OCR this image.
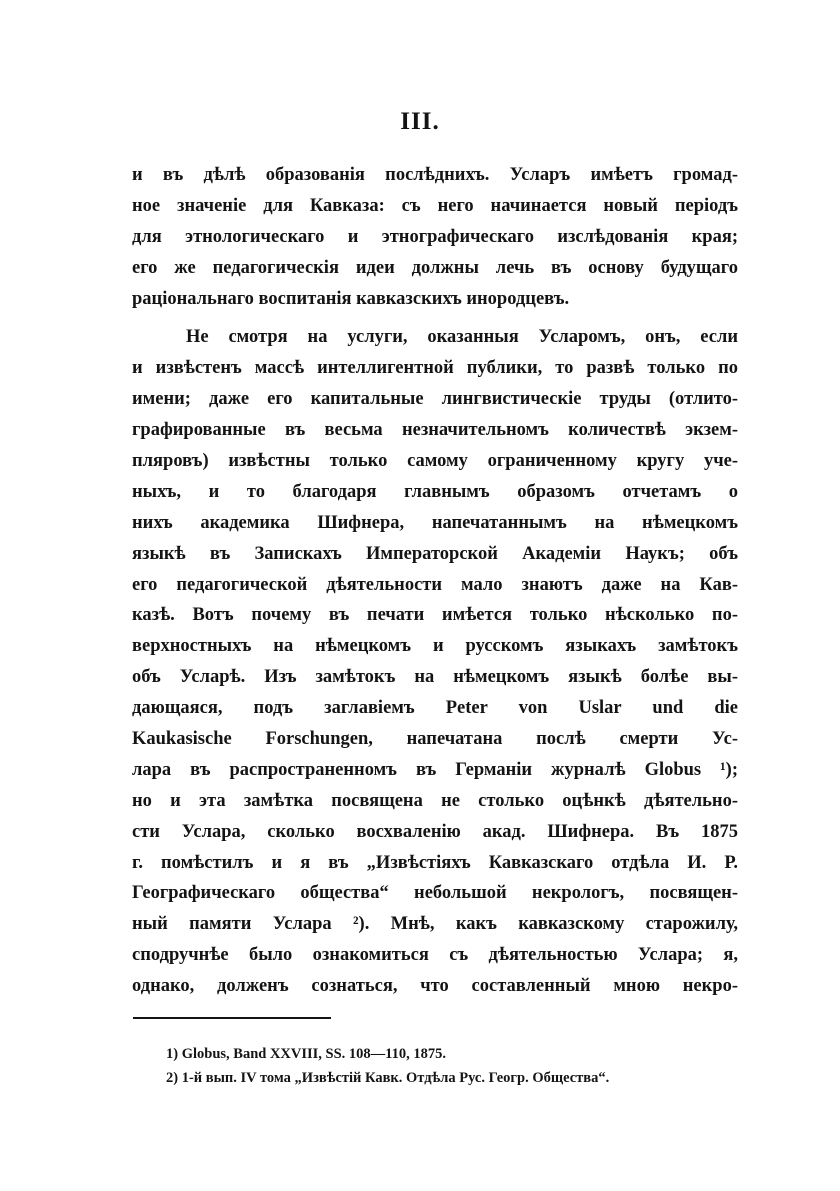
III.
и въ дѣлѣ образованія послѣднихъ. Усларъ имѣетъ громад-
ное значеніе для Кавказа: съ него начинается новый періодъ
для этнологическаго и этнографическаго изслѣдованія края;
его же педагогическія идеи должны лечь въ основу будущаго
раціональнаго воспитанія кавказскихъ инородцевъ.
Не смотря на услуги, оказанныя Усларомъ, онъ, если
и извѣстенъ массѣ интеллигентной публики, то развѣ только по
имени; даже его капитальные лингвистическіе труды (отлито-
графированные въ весьма незначительномъ количествѣ экзем-
пляровъ) извѣстны только самому ограниченному кругу уче-
ныхъ, и то благодаря главнымъ образомъ отчетамъ о
нихъ академика Шифнера, напечатаннымъ на нѣмецкомъ
языкѣ въ Запискахъ Императорской Академіи Наукъ; объ
его педагогической дѣятельности мало знаютъ даже на Кав-
казѣ. Вотъ почему въ печати имѣется только нѣсколько по-
верхностныхъ на нѣмецкомъ и русскомъ языкахъ замѣтокъ
объ Усларѣ. Изъ замѣтокъ на нѣмецкомъ языкѣ болѣе вы-
дающаяся, подъ заглавіемъ Peter von Uslar und die
Kaukasische Forschungen, напечатана послѣ смерти Ус-
лара въ распространенномъ въ Германіи журналѣ Globus ¹);
но и эта замѣтка посвящена не столько оцѣнкѣ дѣятельно-
сти Услара, сколько восхваленію акад. Шифнера. Въ 1875
г. помѣстилъ и я въ „Извѣстіяхъ Кавказскаго отдѣла И. Р.
Географическаго общества“ небольшой некрологъ, посвящен-
ный памяти Услара ²). Мнѣ, какъ кавказскому старожилу,
сподручнѣе было ознакомиться съ дѣятельностью Услара; я,
однако, долженъ сознаться, что составленный мною некро-
1) Globus, Band XXVIII, SS. 108—110, 1875.
2) 1-й вып. IV тома „Извѣстій Кавк. Отдѣла Рус. Геогр. Общества“.
